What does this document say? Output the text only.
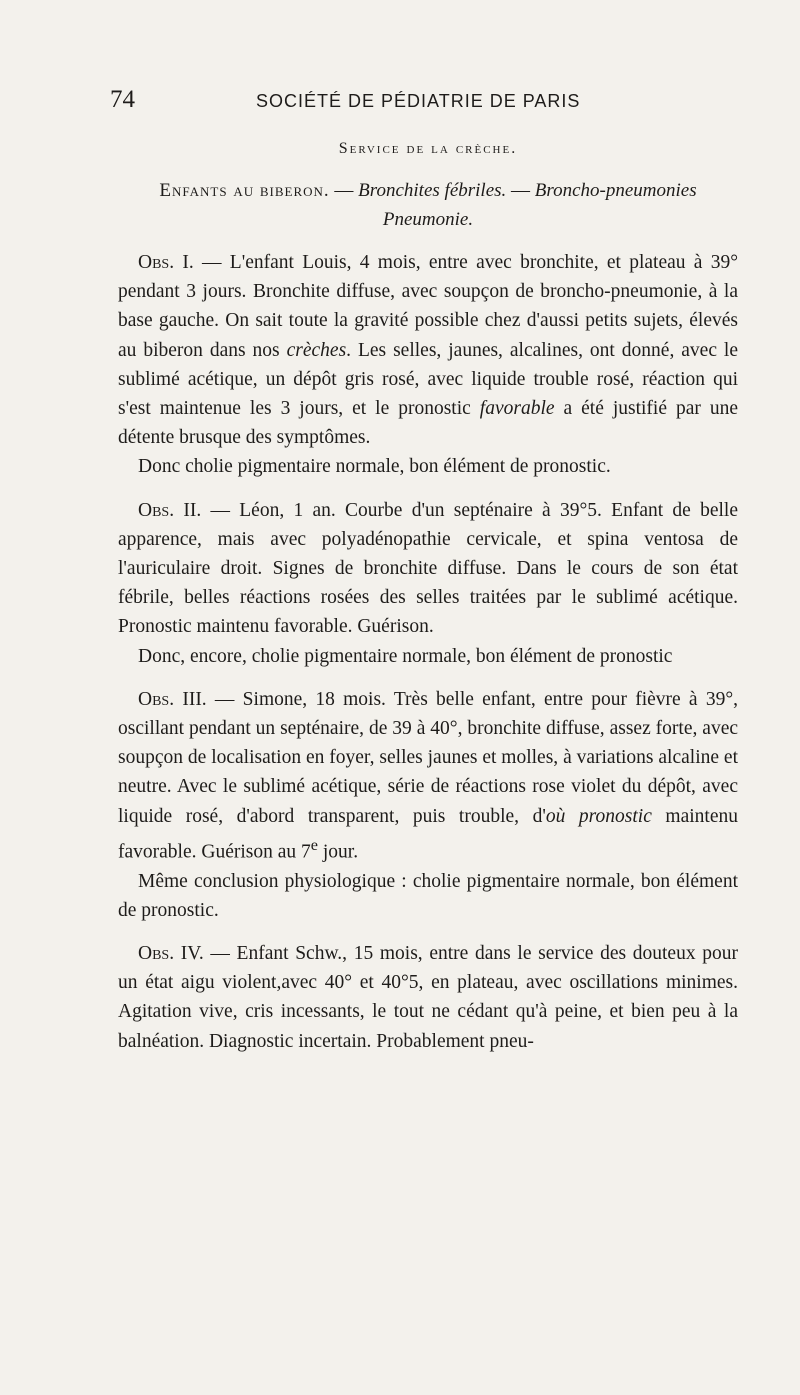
74	SOCIÉTÉ DE PÉDIATRIE DE PARIS
Service de la crèche.
Enfants au biberon. — Bronchites fébriles. — Broncho-pneumonies
Pneumonie.

Obs. I. — L'enfant Louis, 4 mois, entre avec bronchite, et plateau à 39° pendant 3 jours. Bronchite diffuse, avec soupçon de broncho-pneumonie, à la base gauche. On sait toute la gravité possible chez d'aussi petits sujets, élevés au biberon dans nos crèches. Les selles, jaunes, alcalines, ont donné, avec le sublimé acétique, un dépôt gris rosé, avec liquide trouble rosé, réaction qui s'est maintenue les 3 jours, et le pronostic favorable a été justifié par une détente brusque des symptômes.

Donc cholie pigmentaire normale, bon élément de pronostic.

Obs. II. — Léon, 1 an. Courbe d'un septénaire à 39°5. Enfant de belle apparence, mais avec polyadénopathie cervicale, et spina ventosa de l'auriculaire droit. Signes de bronchite diffuse. Dans le cours de son état fébrile, belles réactions rosées des selles traitées par le sublimé acétique. Pronostic maintenu favorable. Guérison.

Donc, encore, cholie pigmentaire normale, bon élément de pronostic

Obs. III. — Simone, 18 mois. Très belle enfant, entre pour fièvre à 39°, oscillant pendant un septénaire, de 39 à 40°, bronchite diffuse, assez forte, avec soupçon de localisation en foyer, selles jaunes et molles, à variations alcaline et neutre. Avec le sublimé acétique, série de réactions rose violet du dépôt, avec liquide rosé, d'abord transparent, puis trouble, d'où pronostic maintenu favorable. Guérison au 7e jour.

Même conclusion physiologique : cholie pigmentaire normale, bon élément de pronostic.

Obs. IV. — Enfant Schw., 15 mois, entre dans le service des douteux pour un état aigu violent,avec 40° et 40°5, en plateau, avec oscillations minimes. Agitation vive, cris incessants, le tout ne cédant qu'à peine, et bien peu à la balnéation. Diagnostic incertain. Probablement pneu-
